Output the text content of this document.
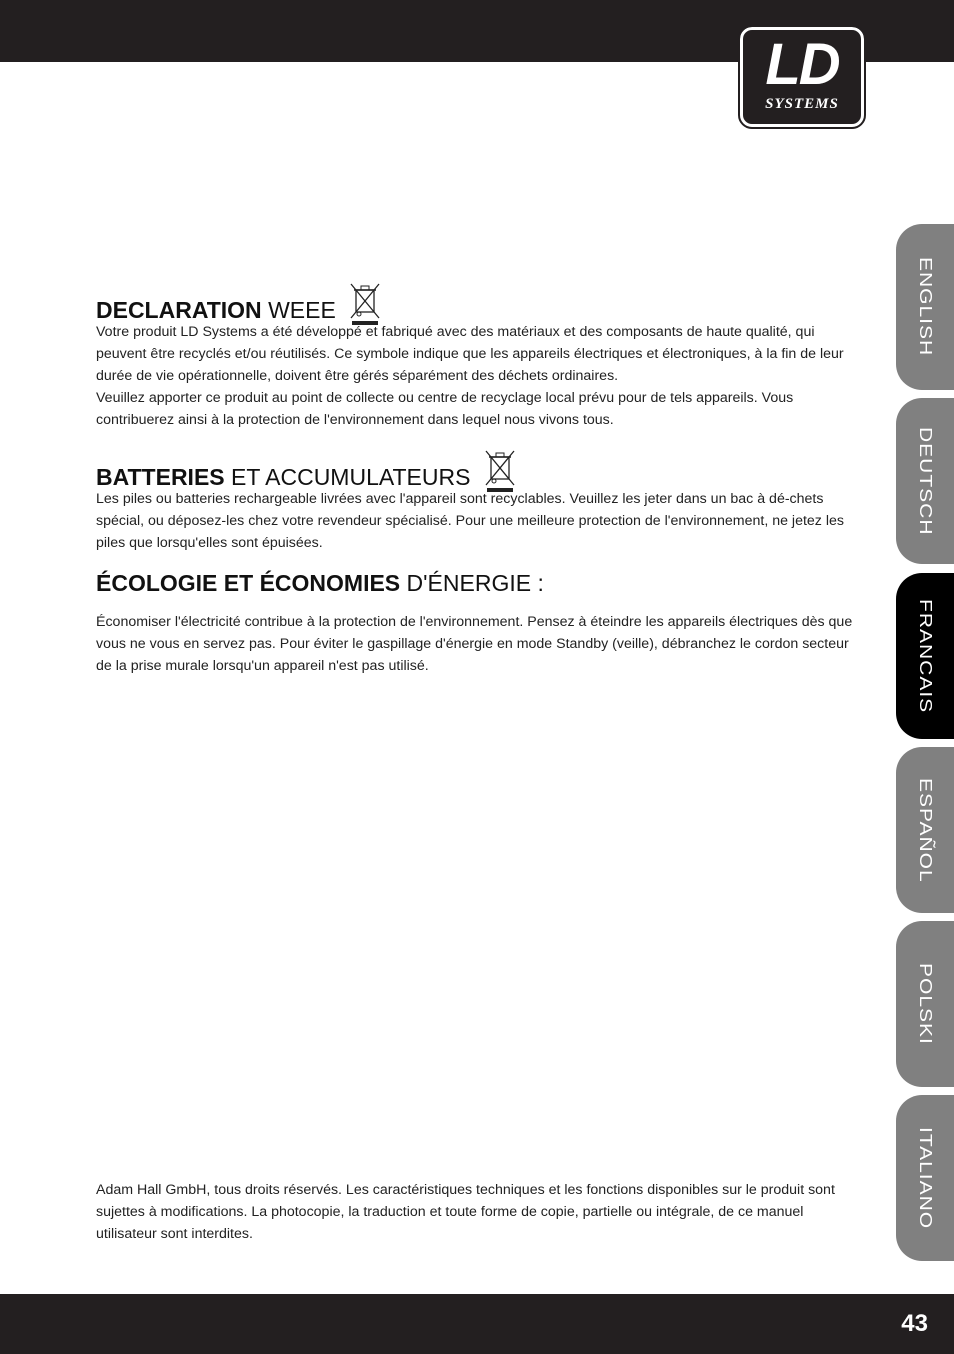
LD
SYSTEMS
ENGLISH
DEUTSCH
FRANCAIS
ESPAÑOL
POLSKI
ITALIANO
DECLARATION WEEE

Votre produit LD Systems a été développé et fabriqué avec des matériaux et des composants de haute qualité, qui peuvent être recyclés et/ou réutilisés. Ce symbole indique que les appareils électriques et électroniques, à la fin de leur durée de vie opérationnelle, doivent être gérés séparément des déchets ordinaires.

Veuillez apporter ce produit au point de collecte ou centre de recyclage local prévu pour de tels appareils. Vous contribuerez ainsi à la protection de l'environnement dans lequel nous vivons tous.

BATTERIES ET ACCUMULATEURS

Les piles ou batteries rechargeable livrées avec l'appareil sont recyclables. Veuillez les jeter dans un bac à dé-chets spécial, ou déposez-les chez votre revendeur spécialisé. Pour une meilleure protection de l'environnement, ne jetez les piles que lorsqu'elles sont épuisées.

ÉCOLOGIE ET ÉCONOMIES D'ÉNERGIE :

Économiser l'électricité contribue à la protection de l'environnement. Pensez à éteindre les appareils électriques dès que vous ne vous en servez pas. Pour éviter le gaspillage d'énergie en mode Standby (veille), débranchez le cordon secteur de la prise murale lorsqu'un appareil n'est pas utilisé.

Adam Hall GmbH, tous droits réservés. Les caractéristiques techniques et les fonctions disponibles sur le produit sont sujettes à modifications. La photocopie, la traduction et toute forme de copie, partielle ou intégrale, de ce manuel utilisateur sont interdites.

43
